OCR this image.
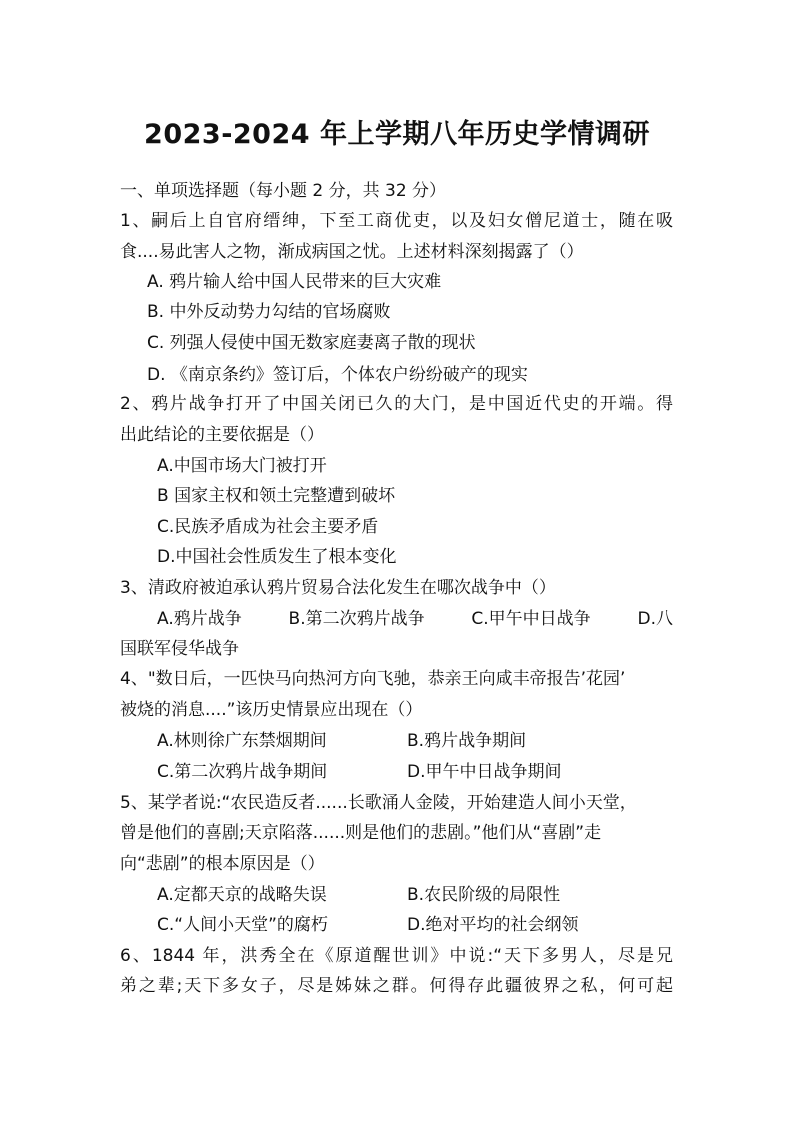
2023-2024 年上学期八年历史学情调研
一、单项选择题（每小题 2 分，共 32 分）
1、嗣后上自官府缙绅，下至工商优吏，以及妇女僧尼道士，随在吸
食....易此害人之物，渐成病国之忧。上述材料深刻揭露了（）
A. 鸦片输人给中国人民带来的巨大灾难
B. 中外反动势力勾结的官场腐败
C. 列强人侵使中国无数家庭妻离子散的现状
D. 《南京条约》签订后，个体农户纷纷破产的现实
2、鸦片战争打开了中国关闭已久的大门，是中国近代史的开端。得
出此结论的主要依据是（）
A.中国市场大门被打开
B 国家主权和领土完整遭到破坏
C.民族矛盾成为社会主要矛盾
D.中国社会性质发生了根本变化
3、清政府被迫承认鸦片贸易合法化发生在哪次战争中（）
A.鸦片战争	B.第二次鸦片战争	C.甲午中日战争	D.八
国联军侵华战争
4、"数日后，一匹快马向热河方向飞驰，恭亲王向咸丰帝报告’花园’
被烧的消息....”该历史情景应出现在（）
A.林则徐广东禁烟期间	B.鸦片战争期间
C.第二次鸦片战争期间	D.甲午中日战争期间
5、某学者说:“农民造反者......长歌涌人金陵，开始建造人间小天堂，
曾是他们的喜剧;天京陷落......则是他们的悲剧。”他们从“喜剧”走
向“悲剧”的根本原因是（）
A.定都天京的战略失误	B.农民阶级的局限性
C.“人间小天堂”的腐朽	D.绝对平均的社会纲领
6、1844 年，洪秀全在《原道醒世训》中说:“天下多男人，尽是兄
弟之辈;天下多女子，尽是姊妹之群。何得存此疆彼界之私，何可起
